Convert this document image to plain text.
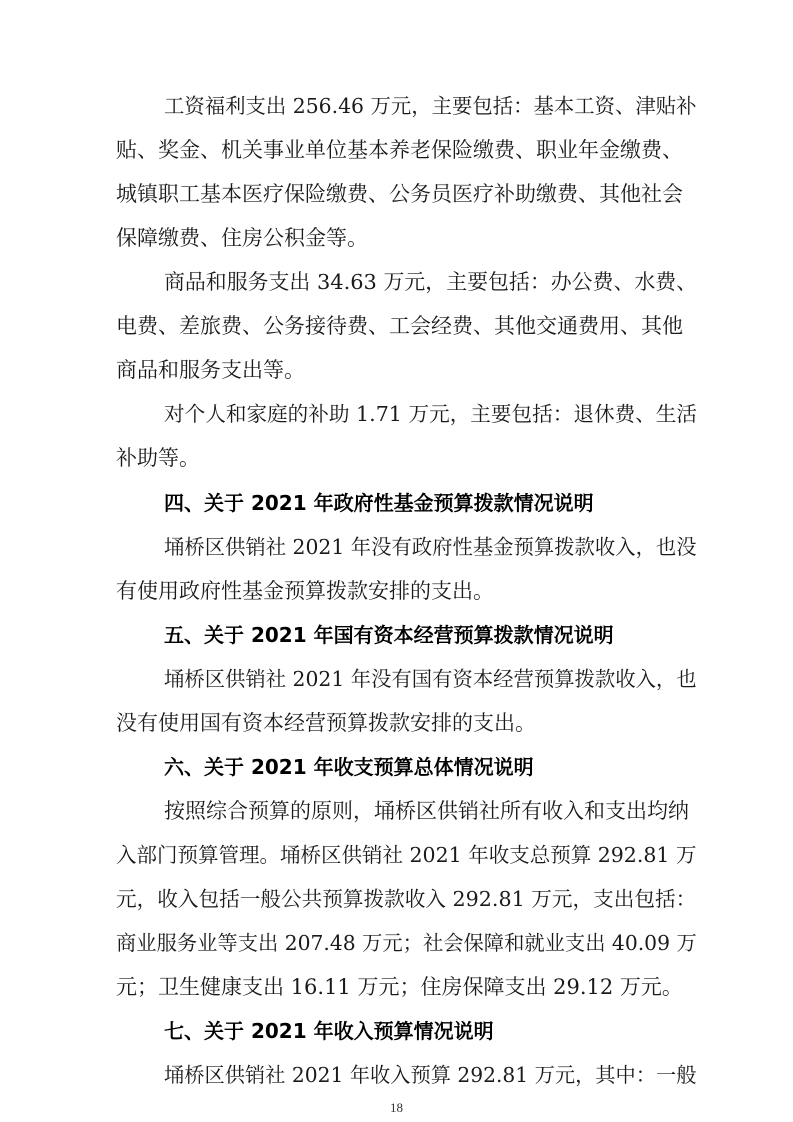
工资福利支出 256.46 万元，主要包括：基本工资、津贴补
贴、奖金、机关事业单位基本养老保险缴费、职业年金缴费、
城镇职工基本医疗保险缴费、公务员医疗补助缴费、其他社会
保障缴费、住房公积金等。
商品和服务支出 34.63 万元，主要包括：办公费、水费、
电费、差旅费、公务接待费、工会经费、其他交通费用、其他
商品和服务支出等。
对个人和家庭的补助 1.71 万元，主要包括：退休费、生活
补助等。
四、关于 2021 年政府性基金预算拨款情况说明
埇桥区供销社 2021 年没有政府性基金预算拨款收入，也没
有使用政府性基金预算拨款安排的支出。
五、关于 2021 年国有资本经营预算拨款情况说明
埇桥区供销社 2021 年没有国有资本经营预算拨款收入，也
没有使用国有资本经营预算拨款安排的支出。
六、关于 2021 年收支预算总体情况说明
按照综合预算的原则，埇桥区供销社所有收入和支出均纳
入部门预算管理。埇桥区供销社 2021 年收支总预算 292.81 万
元，收入包括一般公共预算拨款收入 292.81 万元，支出包括：
商业服务业等支出 207.48 万元；社会保障和就业支出 40.09 万
元；卫生健康支出 16.11 万元；住房保障支出 29.12 万元。
七、关于 2021 年收入预算情况说明
埇桥区供销社 2021 年收入预算 292.81 万元，其中：一般
18
